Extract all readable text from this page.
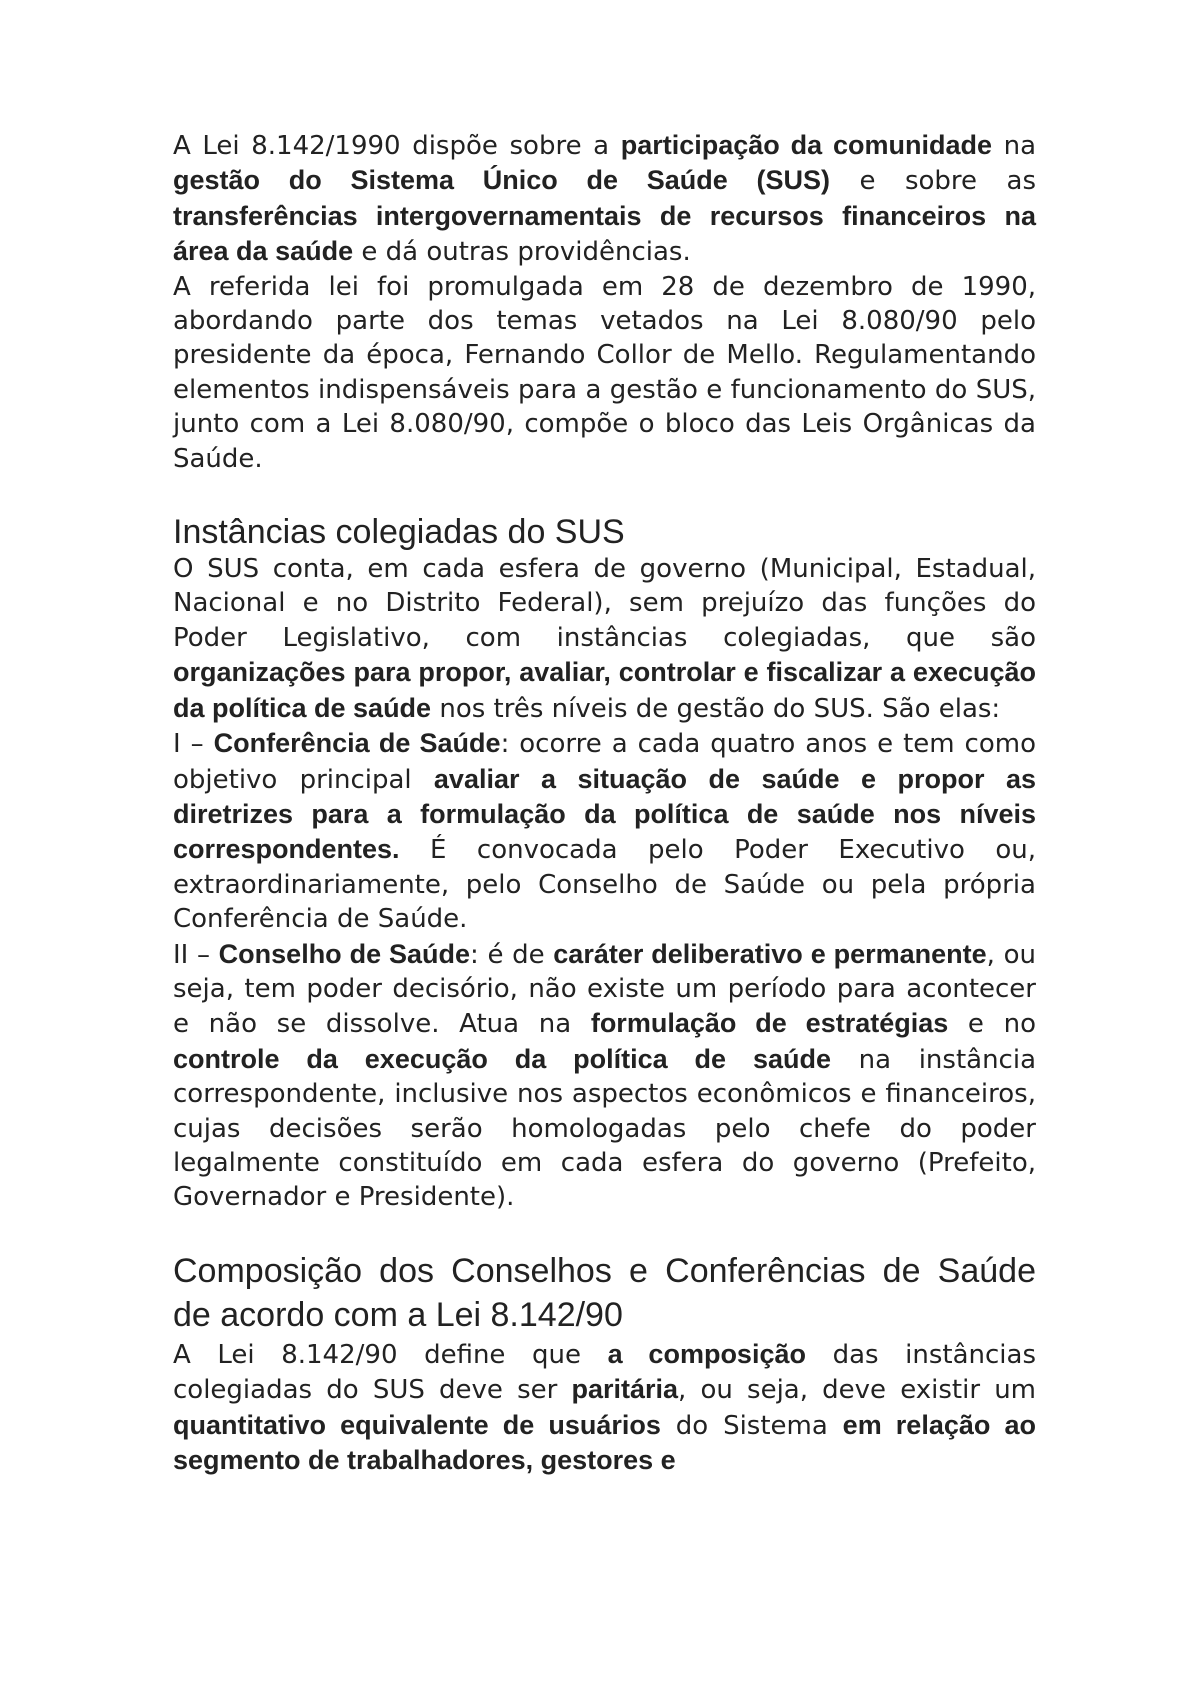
A Lei 8.142/1990 dispõe sobre a participação da comunidade na gestão do Sistema Único de Saúde (SUS) e sobre as transferências intergovernamentais de recursos financeiros na área da saúde e dá outras providências.

A referida lei foi promulgada em 28 de dezembro de 1990, abordando parte dos temas vetados na Lei 8.080/90 pelo presidente da época, Fernando Collor de Mello. Regulamentando elementos indispensáveis para a gestão e funcionamento do SUS, junto com a Lei 8.080/90, compõe o bloco das Leis Orgânicas da Saúde.

Instâncias colegiadas do SUS

O SUS conta, em cada esfera de governo (Municipal, Estadual, Nacional e no Distrito Federal), sem prejuízo das funções do Poder Legislativo, com instâncias colegiadas, que são organizações para propor, avaliar, controlar e fiscalizar a execução da política de saúde nos três níveis de gestão do SUS. São elas:

I – Conferência de Saúde: ocorre a cada quatro anos e tem como objetivo principal avaliar a situação de saúde e propor as diretrizes para a formulação da política de saúde nos níveis correspondentes. É convocada pelo Poder Executivo ou, extraordinariamente, pelo Conselho de Saúde ou pela própria Conferência de Saúde.

II – Conselho de Saúde: é de caráter deliberativo e permanente, ou seja, tem poder decisório, não existe um período para acontecer e não se dissolve. Atua na formulação de estratégias e no controle da execução da política de saúde na instância correspondente, inclusive nos aspectos econômicos e financeiros, cujas decisões serão homologadas pelo chefe do poder legalmente constituído em cada esfera do governo (Prefeito, Governador e Presidente).

Composição dos Conselhos e Conferências de Saúde de acordo com a Lei 8.142/90

A Lei 8.142/90 define que a composição das instâncias colegiadas do SUS deve ser paritária, ou seja, deve existir um quantitativo equivalente de usuários do Sistema em relação ao segmento de trabalhadores, gestores e
